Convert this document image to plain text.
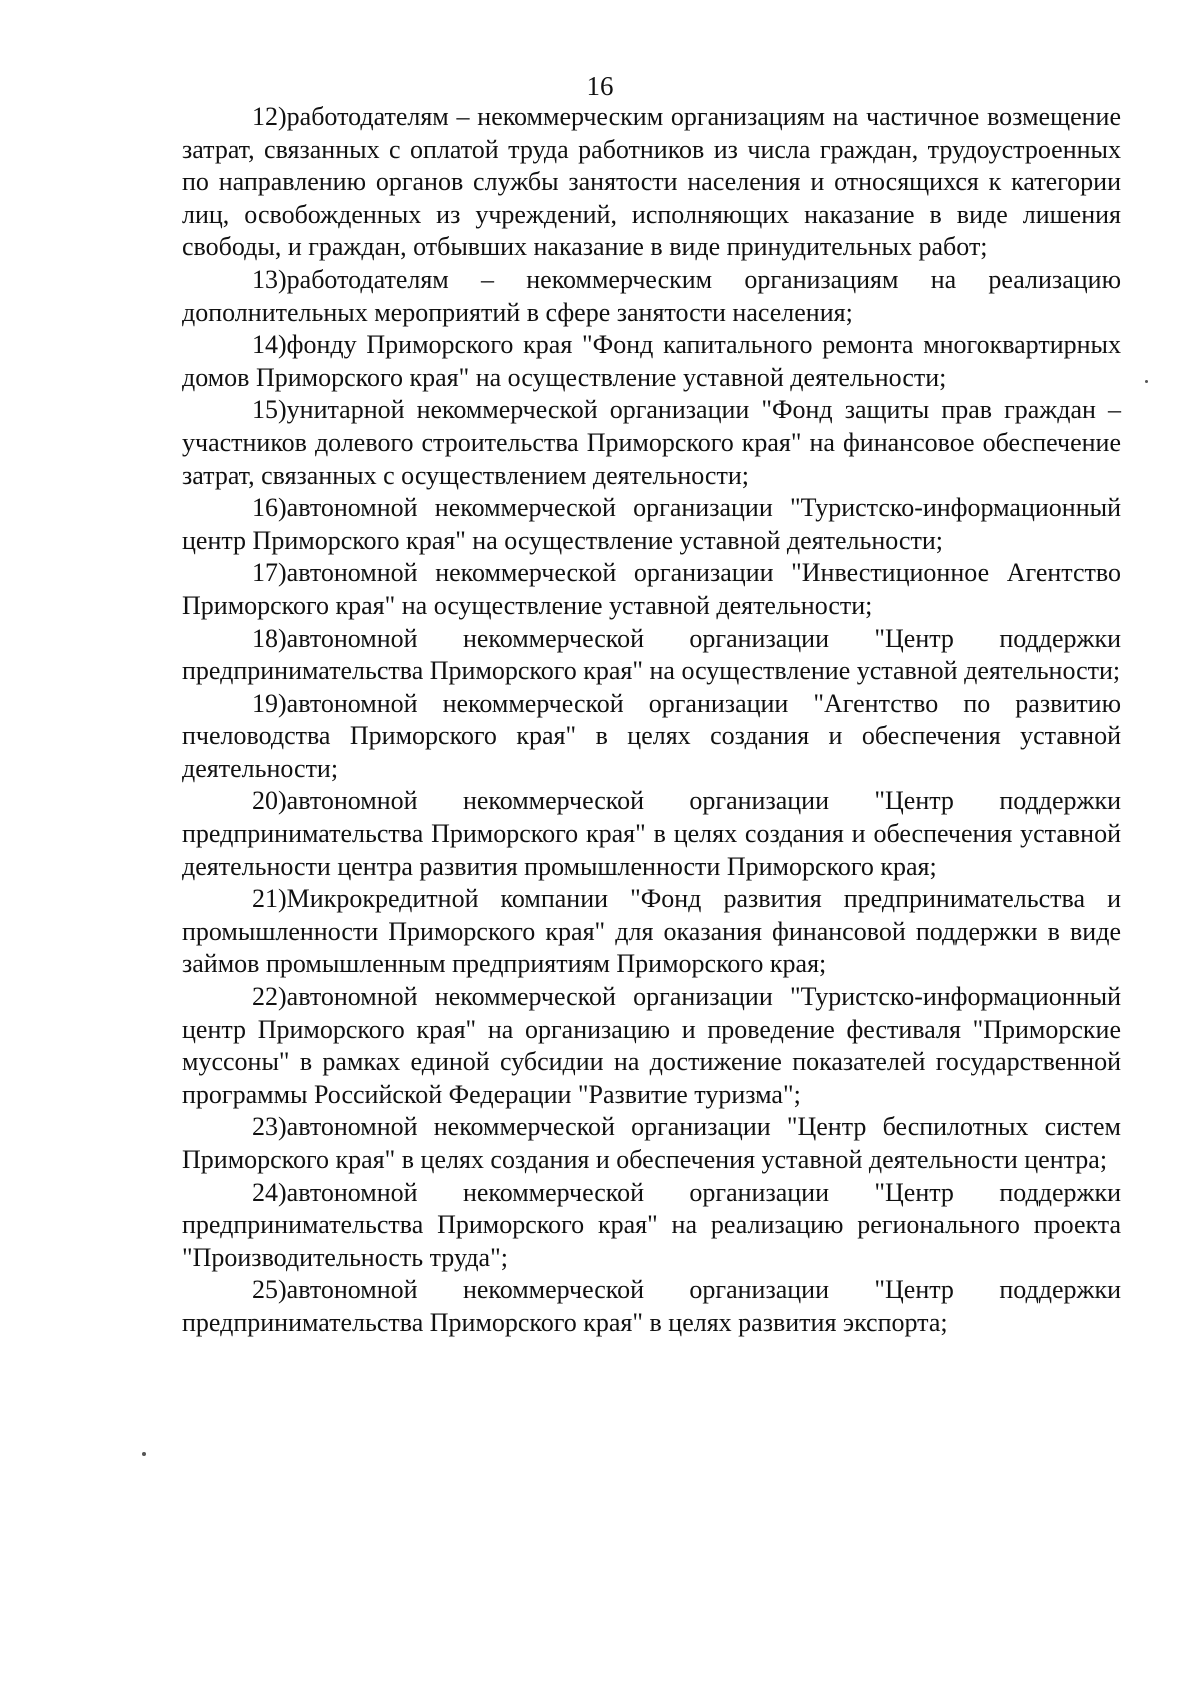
16

12)работодателям – некоммерческим организациям на частичное возмещение затрат, связанных с оплатой труда работников из числа граждан, трудоустроенных по направлению органов службы занятости населения и относящихся к категории лиц, освобожденных из учреждений, исполняющих наказание в виде лишения свободы, и граждан, отбывших наказание в виде принудительных работ;

13)работодателям – некоммерческим организациям на реализацию дополнительных мероприятий в сфере занятости населения;

14)фонду Приморского края "Фонд капитального ремонта многоквартирных домов Приморского края" на осуществление уставной деятельности;

15)унитарной некоммерческой организации "Фонд защиты прав граждан – участников долевого строительства Приморского края" на финансовое обеспечение затрат, связанных с осуществлением деятельности;

16)автономной некоммерческой организации "Туристско-информационный центр Приморского края" на осуществление уставной деятельности;

17)автономной некоммерческой организации "Инвестиционное Агентство Приморского края" на осуществление уставной деятельности;

18)автономной некоммерческой организации "Центр поддержки предпринимательства Приморского края" на осуществление уставной деятельности;

19)автономной некоммерческой организации "Агентство по развитию пчеловодства Приморского края" в целях создания и обеспечения уставной деятельности;

20)автономной некоммерческой организации "Центр поддержки предпринимательства Приморского края" в целях создания и обеспечения уставной деятельности центра развития промышленности Приморского края;

21)Микрокредитной компании "Фонд развития предпринимательства и промышленности Приморского края" для оказания финансовой поддержки в виде займов промышленным предприятиям Приморского края;

22)автономной некоммерческой организации "Туристско-информационный центр Приморского края" на организацию и проведение фестиваля "Приморские муссоны" в рамках единой субсидии на достижение показателей государственной программы Российской Федерации "Развитие туризма";

23)автономной некоммерческой организации "Центр беспилотных систем Приморского края" в целях создания и обеспечения уставной деятельности центра;

24)автономной некоммерческой организации "Центр поддержки предпринимательства Приморского края" на реализацию регионального проекта "Производительность труда";

25)автономной некоммерческой организации "Центр поддержки предпринимательства Приморского края" в целях развития экспорта;
